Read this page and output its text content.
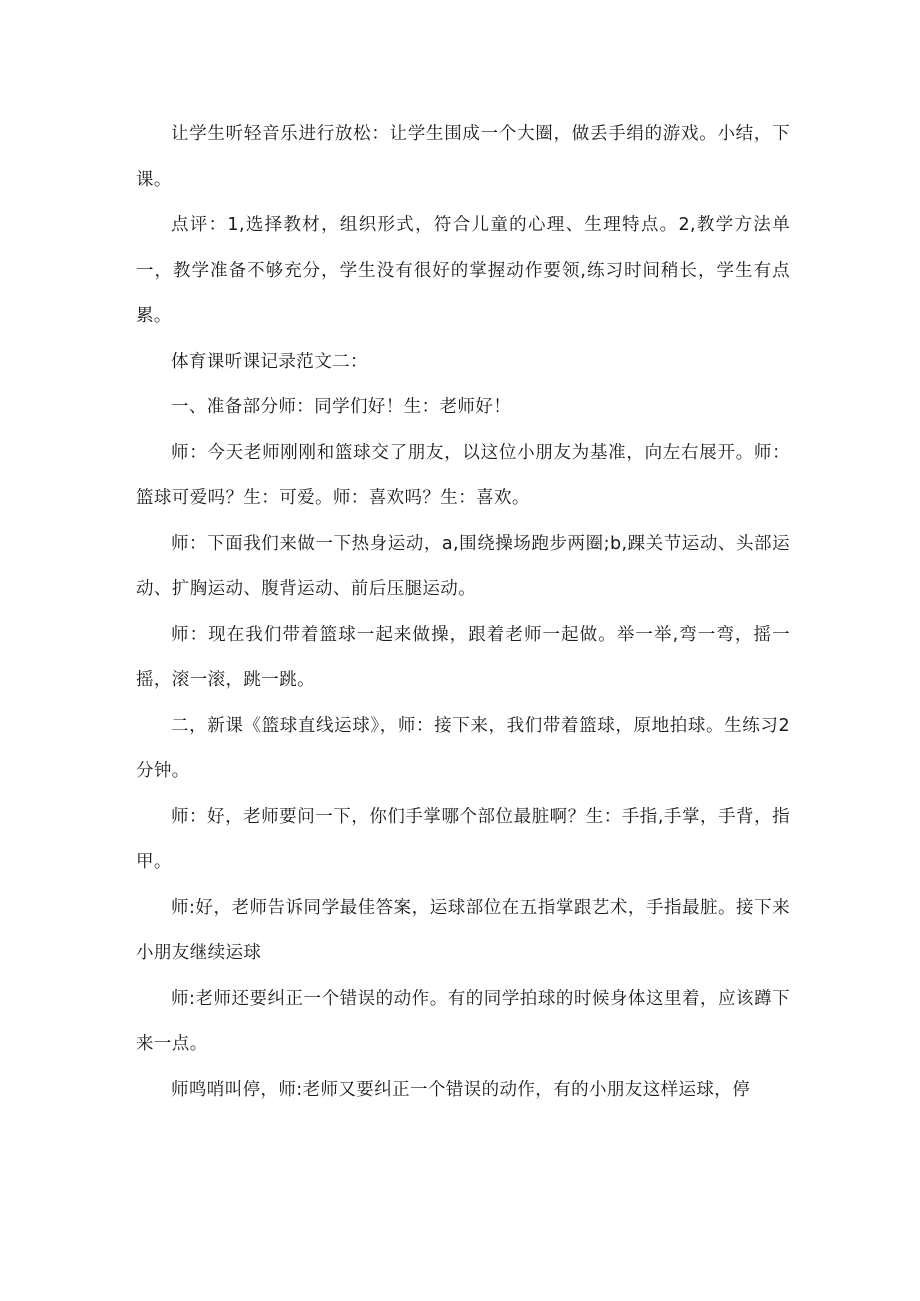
让学生听轻音乐进行放松：让学生围成一个大圈，做丢手绢的游戏。小结，下课。

点评：1,选择教材，组织形式，符合儿童的心理、生理特点。2,教学方法单一，教学准备不够充分，学生没有很好的掌握动作要领,练习时间稍长，学生有点累。

体育课听课记录范文二：

一、准备部分师：同学们好！生：老师好！

师：今天老师刚刚和篮球交了朋友，以这位小朋友为基准，向左右展开。师：篮球可爱吗？生：可爱。师：喜欢吗？生：喜欢。

师：下面我们来做一下热身运动，a,围绕操场跑步两圈;b,踝关节运动、头部运动、扩胸运动、腹背运动、前后压腿运动。

师：现在我们带着篮球一起来做操，跟着老师一起做。举一举,弯一弯，摇一摇，滚一滚，跳一跳。

二，新课《篮球直线运球》，师：接下来，我们带着篮球，原地拍球。生练习2分钟。

师：好，老师要问一下，你们手掌哪个部位最脏啊？生：手指,手掌，手背，指甲。

师:好，老师告诉同学最佳答案，运球部位在五指掌跟艺术，手指最脏。接下来小朋友继续运球

师:老师还要纠正一个错误的动作。有的同学拍球的时候身体这里着，应该蹲下来一点。

师鸣哨叫停，师:老师又要纠正一个错误的动作，有的小朋友这样运球，停
